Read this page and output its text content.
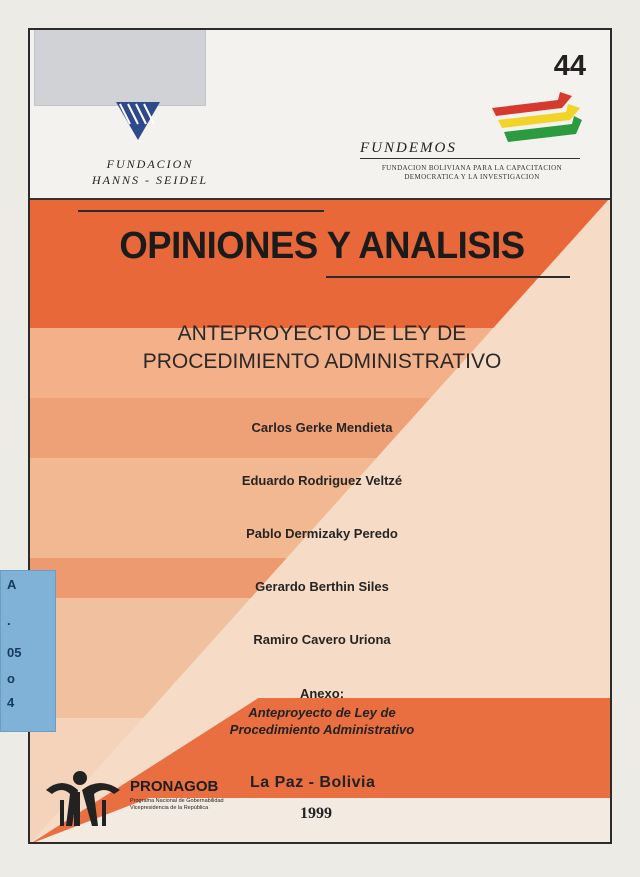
FUNDACION
HANNS - SEIDEL
44
FUNDEMOS
FUNDACION BOLIVIANA PARA LA CAPACITACION
DEMOCRATICA Y LA INVESTIGACION
OPINIONES Y ANALISIS
ANTEPROYECTO DE LEY DE
PROCEDIMIENTO ADMINISTRATIVO
Carlos Gerke Mendieta
Eduardo Rodriguez Veltzé
Pablo Dermizaky Peredo
Gerardo Berthin Siles
Ramiro Cavero Uriona
Anexo:
Anteproyecto de Ley de
Procedimiento Administrativo
PRONAGOB
Programa Nacional de Gobernabilidad
Vicepresidencia de la República
La Paz - Bolivia
1999
A
.
05
o
4
